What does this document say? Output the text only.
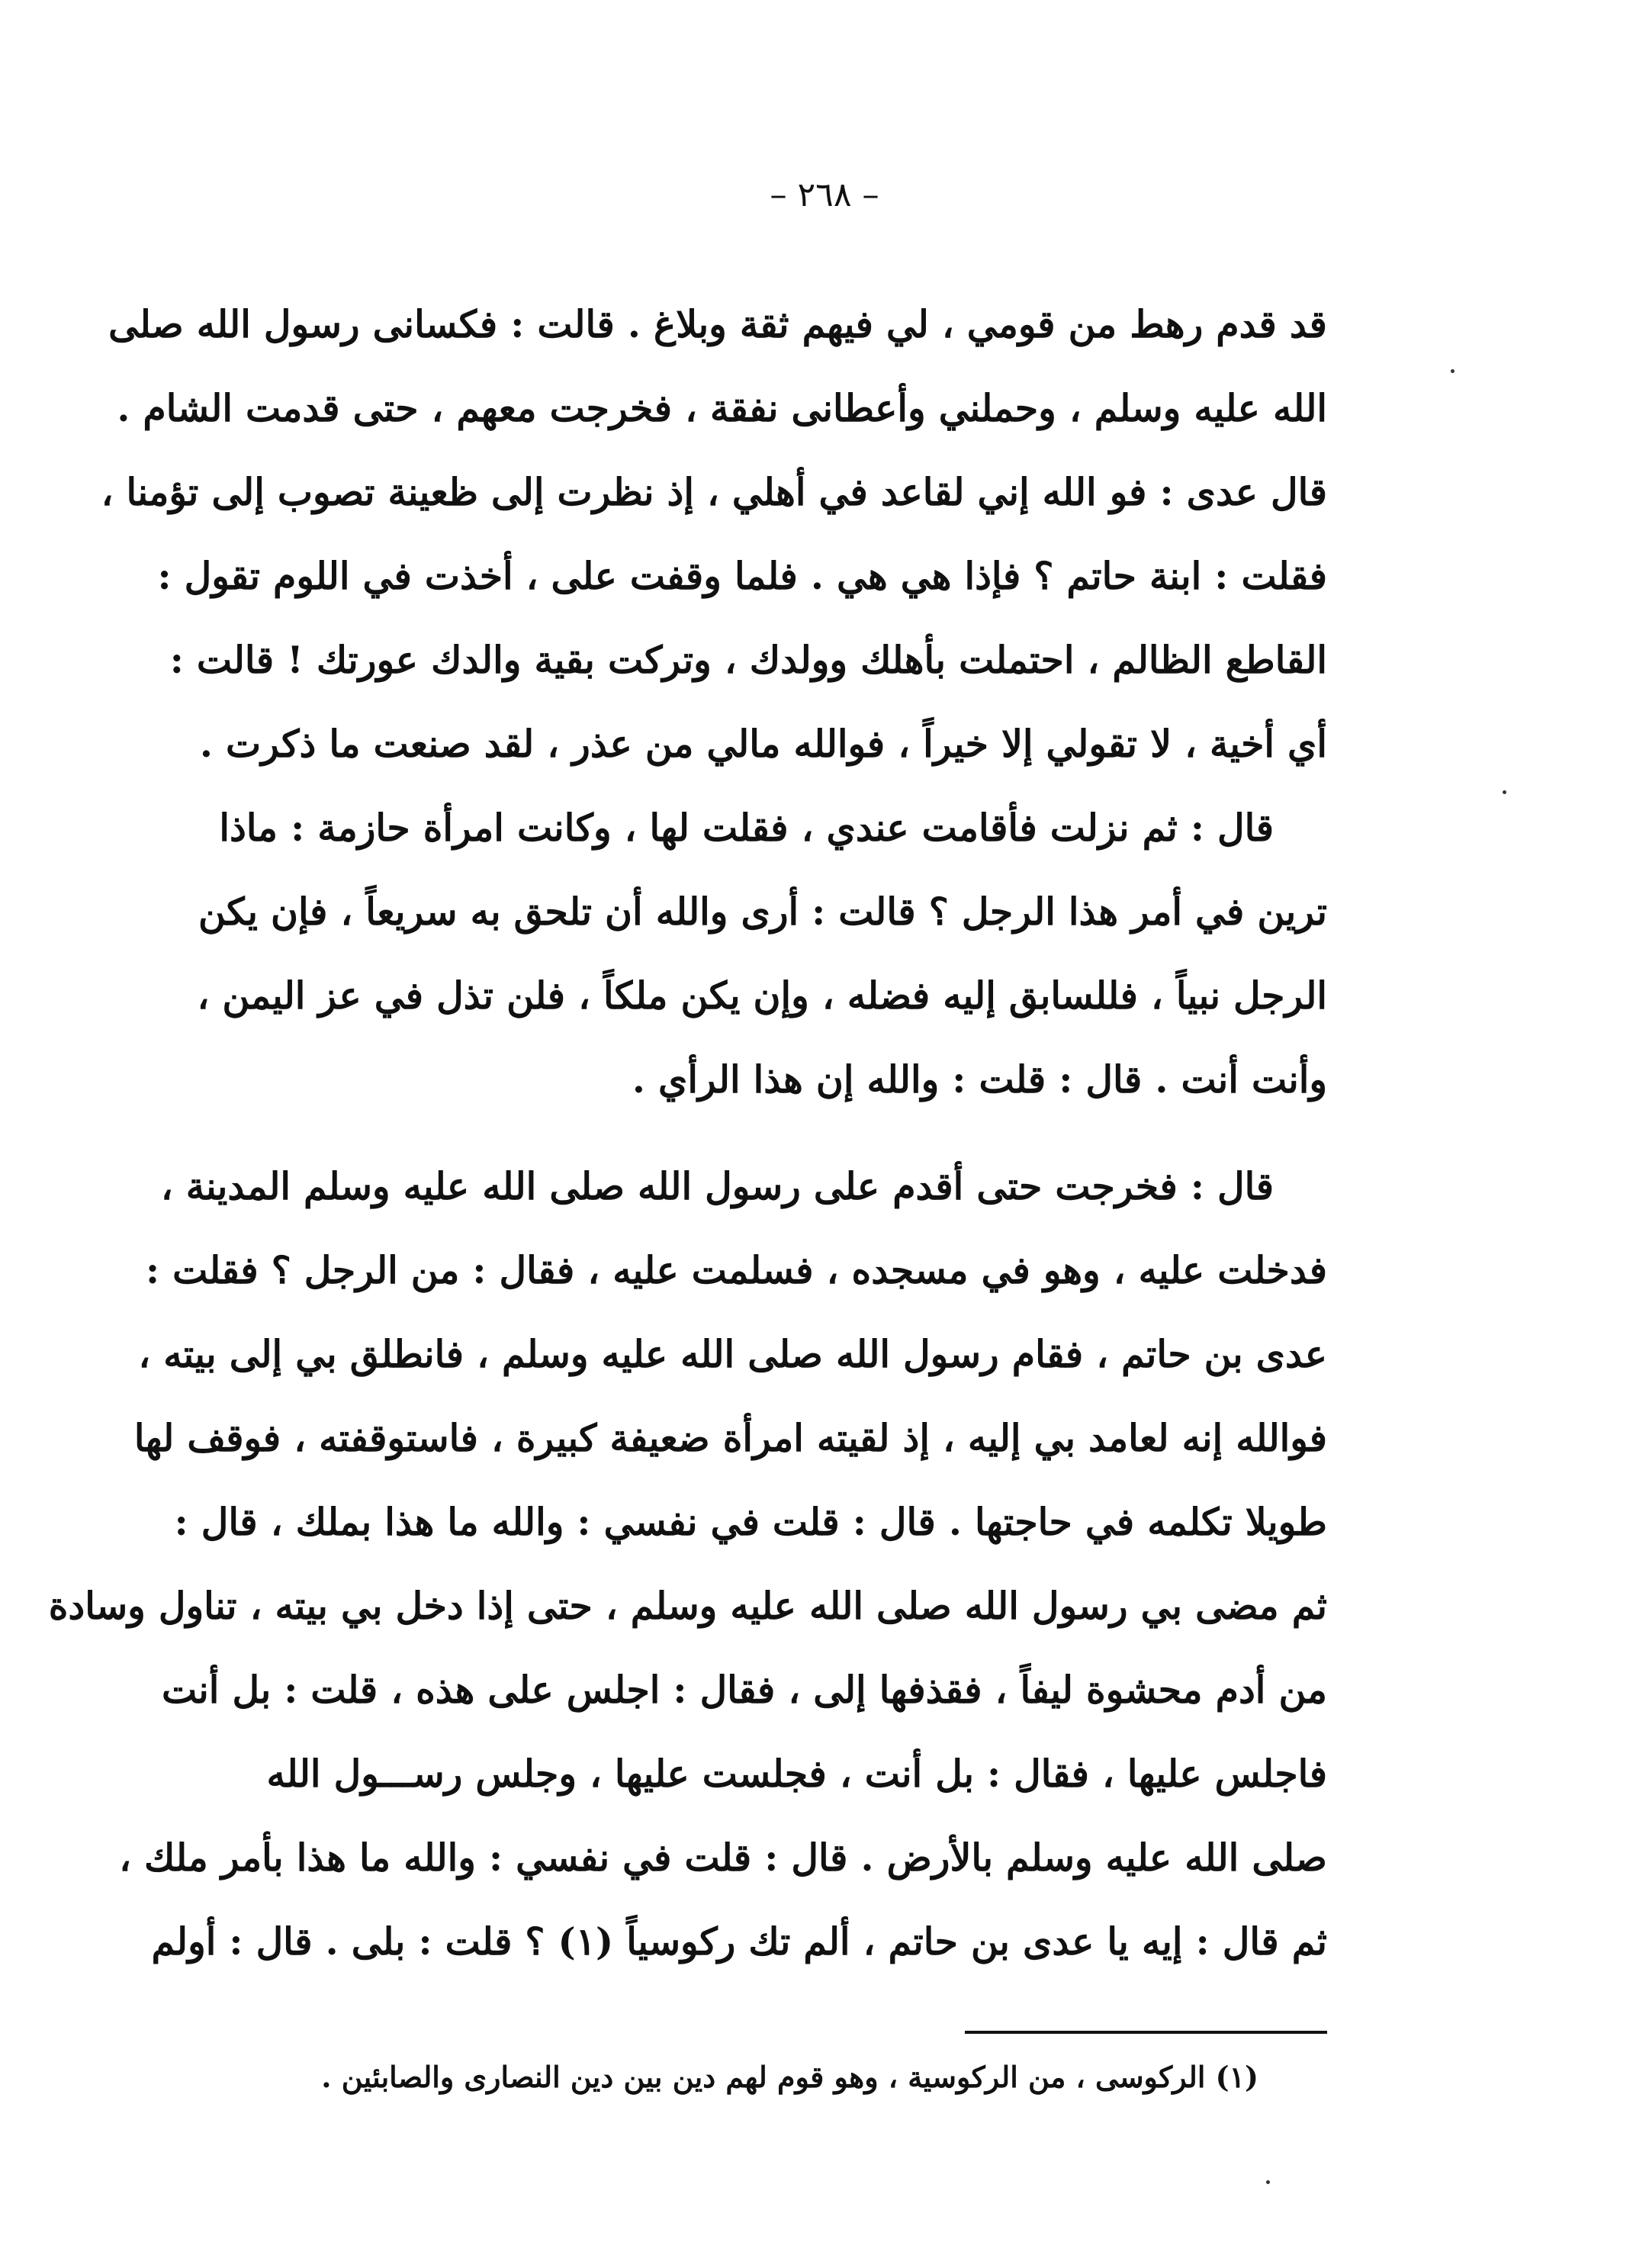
– ٢٦٨ –
قد قدم رهط من قومي ، لي فيهم ثقة وبلاغ . قالت : فكسانى رسول الله صلى
الله عليه وسلم ، وحملني وأعطانى نفقة ، فخرجت معهم ، حتى قدمت الشام .
قال عدى : فو الله إني لقاعد في أهلي ، إذ نظرت إلى ظعينة تصوب إلى تؤمنا ،
فقلت : ابنة حاتم ؟ فإذا هي هي . فلما وقفت على ، أخذت في اللوم تقول :
القاطع الظالم ، احتملت بأهلك وولدك ، وتركت بقية والدك عورتك ! قالت :
أي أخية ، لا تقولي إلا خيراً ، فوالله مالي من عذر ، لقد صنعت ما ذكرت .
قال : ثم نزلت فأقامت عندي ، فقلت لها ، وكانت امرأة حازمة : ماذا
ترين في أمر هذا الرجل ؟ قالت : أرى والله أن تلحق به سريعاً ، فإن يكن
الرجل نبياً ، فللسابق إليه فضله ، وإن يكن ملكاً ، فلن تذل في عز اليمن ،
وأنت أنت . قال : قلت : والله إن هذا الرأي .
قال : فخرجت حتى أقدم على رسول الله صلى الله عليه وسلم المدينة ،
فدخلت عليه ، وهو في مسجده ، فسلمت عليه ، فقال : من الرجل ؟ فقلت :
عدى بن حاتم ، فقام رسول الله صلى الله عليه وسلم ، فانطلق بي إلى بيته ،
فوالله إنه لعامد بي إليه ، إذ لقيته امرأة ضعيفة كبيرة ، فاستوقفته ، فوقف لها
طويلا تكلمه في حاجتها . قال : قلت في نفسي : والله ما هذا بملك ، قال :
ثم مضى بي رسول الله صلى الله عليه وسلم ، حتى إذا دخل بي بيته ، تناول وسادة
من أدم محشوة ليفاً ، فقذفها إلى ، فقال : اجلس على هذه ، قلت : بل أنت
فاجلس عليها ، فقال : بل أنت ، فجلست عليها ، وجلس رســـول الله
صلى الله عليه وسلم بالأرض . قال : قلت في نفسي : والله ما هذا بأمر ملك ،
ثم قال : إيه يا عدى بن حاتم ، ألم تك ركوسياً (١) ؟ قلت : بلى . قال : أولم
(١) الركوسى ، من الركوسية ، وهو قوم لهم دين بين دين النصارى والصابئين .
